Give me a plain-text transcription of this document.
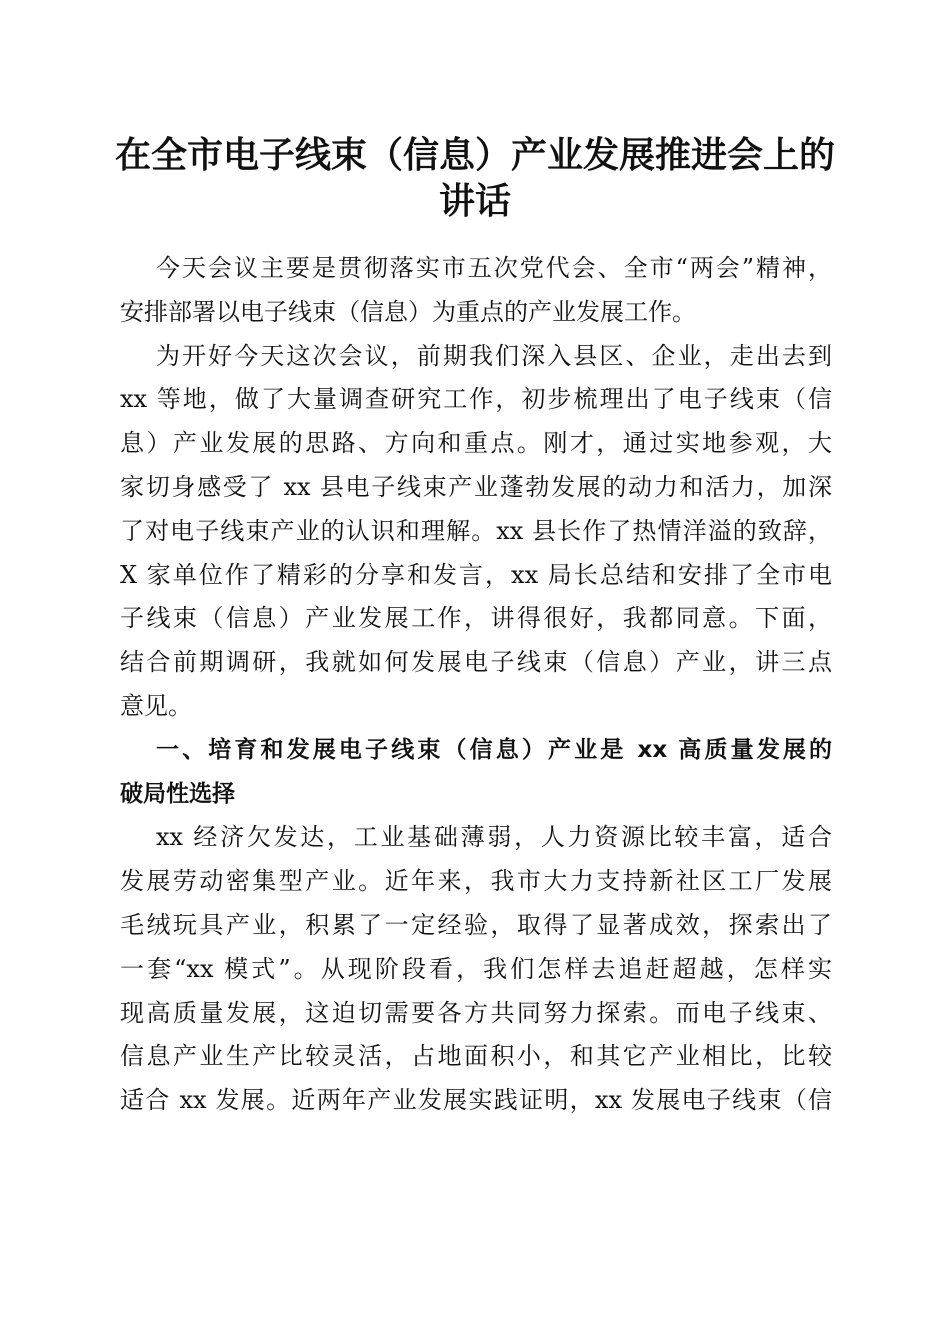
在全市电子线束（信息）产业发展推进会上的
讲话
今天会议主要是贯彻落实市五次党代会、全市“两会”精神，
安排部署以电子线束（信息）为重点的产业发展工作。
为开好今天这次会议，前期我们深入县区、企业，走出去到
xx 等地，做了大量调查研究工作，初步梳理出了电子线束（信
息）产业发展的思路、方向和重点。刚才，通过实地参观，大
家切身感受了 xx 县电子线束产业蓬勃发展的动力和活力，加深
了对电子线束产业的认识和理解。xx 县长作了热情洋溢的致辞，
X 家单位作了精彩的分享和发言，xx 局长总结和安排了全市电
子线束（信息）产业发展工作，讲得很好，我都同意。下面，
结合前期调研，我就如何发展电子线束（信息）产业，讲三点
意见。
一、培育和发展电子线束（信息）产业是 xx 高质量发展的
破局性选择
xx 经济欠发达，工业基础薄弱，人力资源比较丰富，适合
发展劳动密集型产业。近年来，我市大力支持新社区工厂发展
毛绒玩具产业，积累了一定经验，取得了显著成效，探索出了
一套“xx 模式”。从现阶段看，我们怎样去追赶超越，怎样实
现高质量发展，这迫切需要各方共同努力探索。而电子线束、
信息产业生产比较灵活，占地面积小，和其它产业相比，比较
适合 xx 发展。近两年产业发展实践证明，xx 发展电子线束（信
